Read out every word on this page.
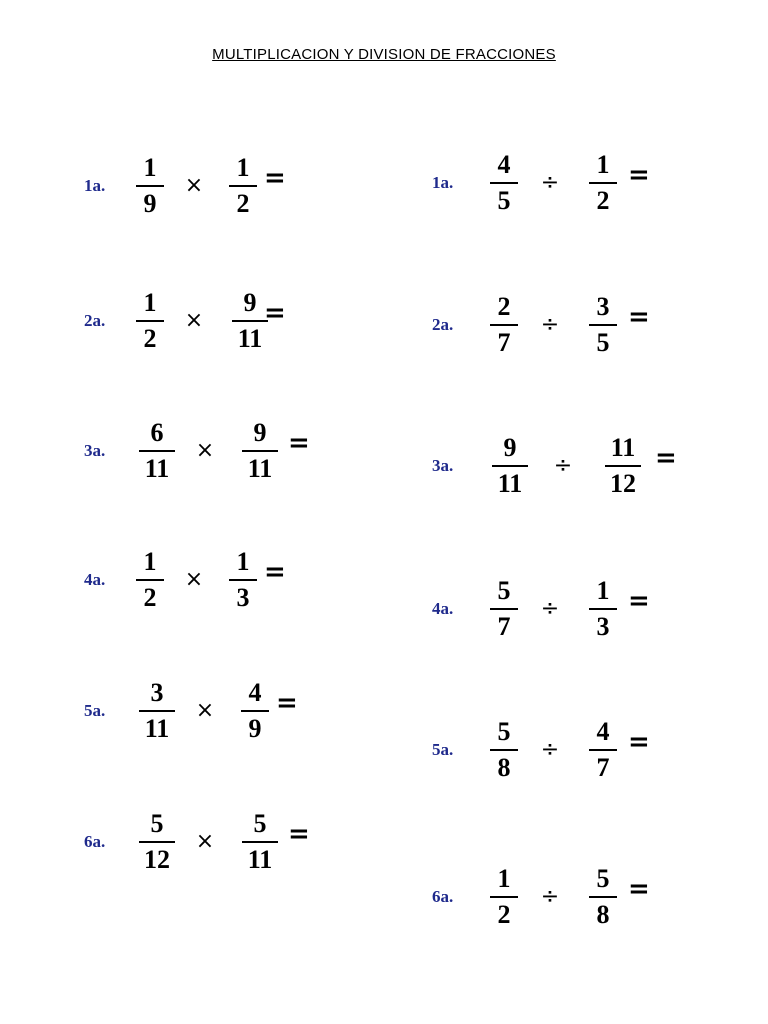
MULTIPLICACION Y DIVISION DE FRACCIONES
1a.
1
9
×
1
2
=
2a.
1
2
×
9
11
=
3a.
6
11
×
9
11
=
4a.
1
2
×
1
3
=
5a.
3
11
×
4
9
=
6a.
5
12
×
5
11
=
1a.
4
5
÷
1
2
=
2a.
2
7
÷
3
5
=
3a.
9
11
÷
11
12
=
4a.
5
7
÷
1
3
=
5a.
5
8
÷
4
7
=
6a.
1
2
÷
5
8
=
